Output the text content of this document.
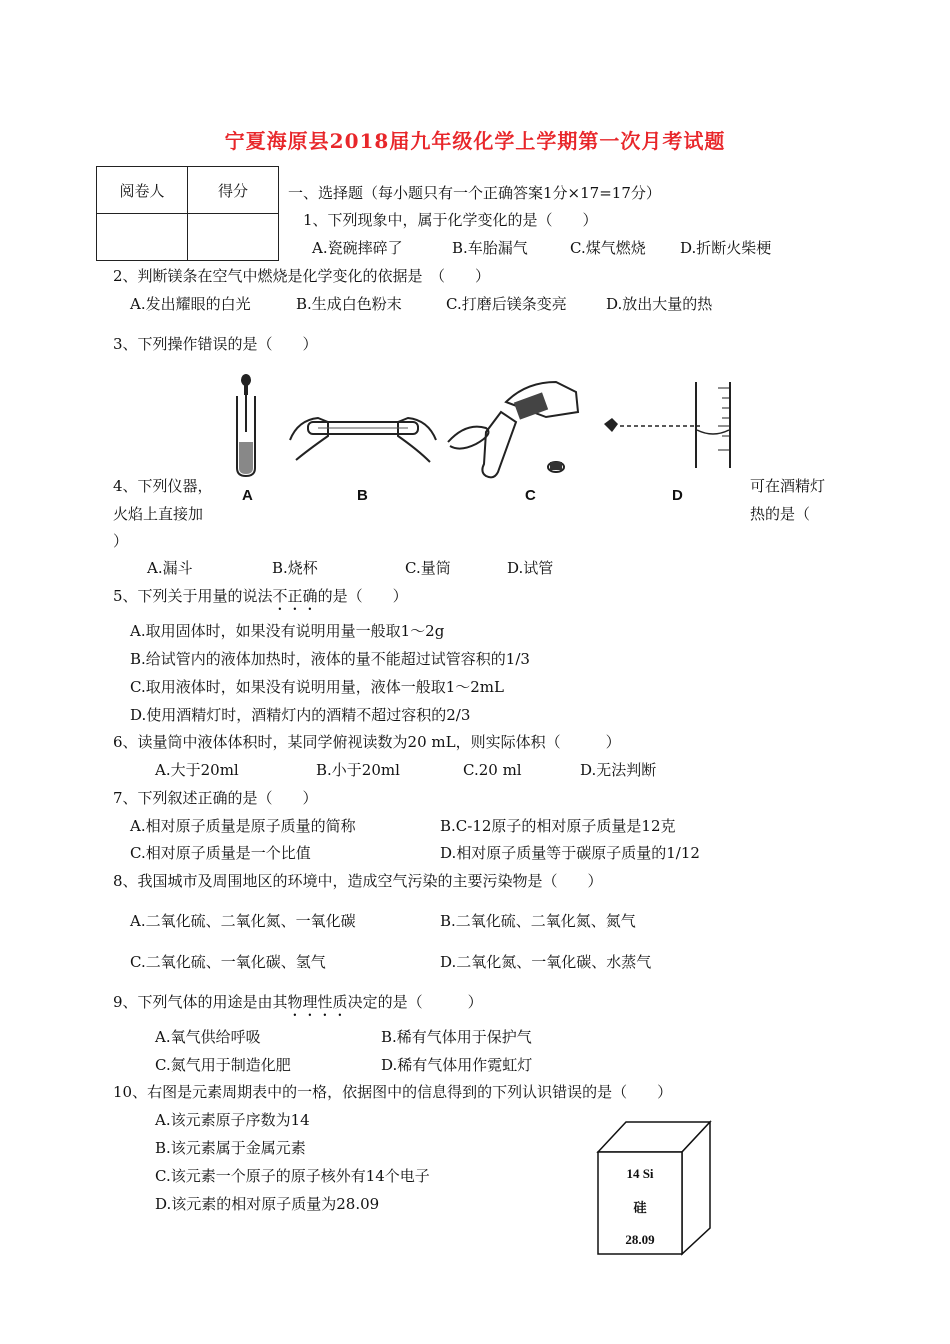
宁夏海原县2018届九年级化学上学期第一次月考试题
阅卷人	得分
		一、选择题（每小题只有一个正确答案1分×17=17分）
1、下列现象中，属于化学变化的是（　　）
A.瓷碗摔碎了	B.车胎漏气	C.煤气燃烧 D.折断火柴梗
2、判断镁条在空气中燃烧是化学变化的依据是　（　　）
A.发出耀眼的白光	B.生成白色粉末	C.打磨后镁条变亮	D.放出大量的热
3、下列操作错误的是（　　）
A	B	C	D
4、下列仪器，
火焰上直接加
可在酒精灯
热的是（
）
A.漏斗	B.烧杯	C.量筒	D.试管
5、下列关于用量的说法不正确的是（　　）
A.取用固体时，如果没有说明用量一般取1～2g
B.给试管内的液体加热时，液体的量不能超过试管容积的1/3
C.取用液体时，如果没有说明用量，液体一般取1～2mL
D.使用酒精灯时，酒精灯内的酒精不超过容积的2/3
6、读量筒中液体体积时，某同学俯视读数为20 mL，则实际体积（　　　）
A.大于20ml	B.小于20ml	C.20 ml	D.无法判断
7、下列叙述正确的是（　　）
A.相对原子质量是原子质量的简称	B.C-12原子的相对原子质量是12克
C.相对原子质量是一个比值	D.相对原子质量等于碳原子质量的1/12
8、我国城市及周围地区的环境中，造成空气污染的主要污染物是（　　）
A.二氧化硫、二氧化氮、一氧化碳	B.二氧化硫、二氧化氮、氮气
C.二氧化硫、一氧化碳、氢气	D.二氧化氮、一氧化碳、水蒸气
9、下列气体的用途是由其物理性质决定的是（　　　）
A.氧气供给呼吸	B.稀有气体用于保护气
C.氮气用于制造化肥	D.稀有气体用作霓虹灯
10、右图是元素周期表中的一格，依据图中的信息得到的下列认识错误的是（　　）
A.该元素原子序数为14
B.该元素属于金属元素
C.该元素一个原子的原子核外有14个电子
D.该元素的相对原子质量为28.09
14 Si
硅
28.09
